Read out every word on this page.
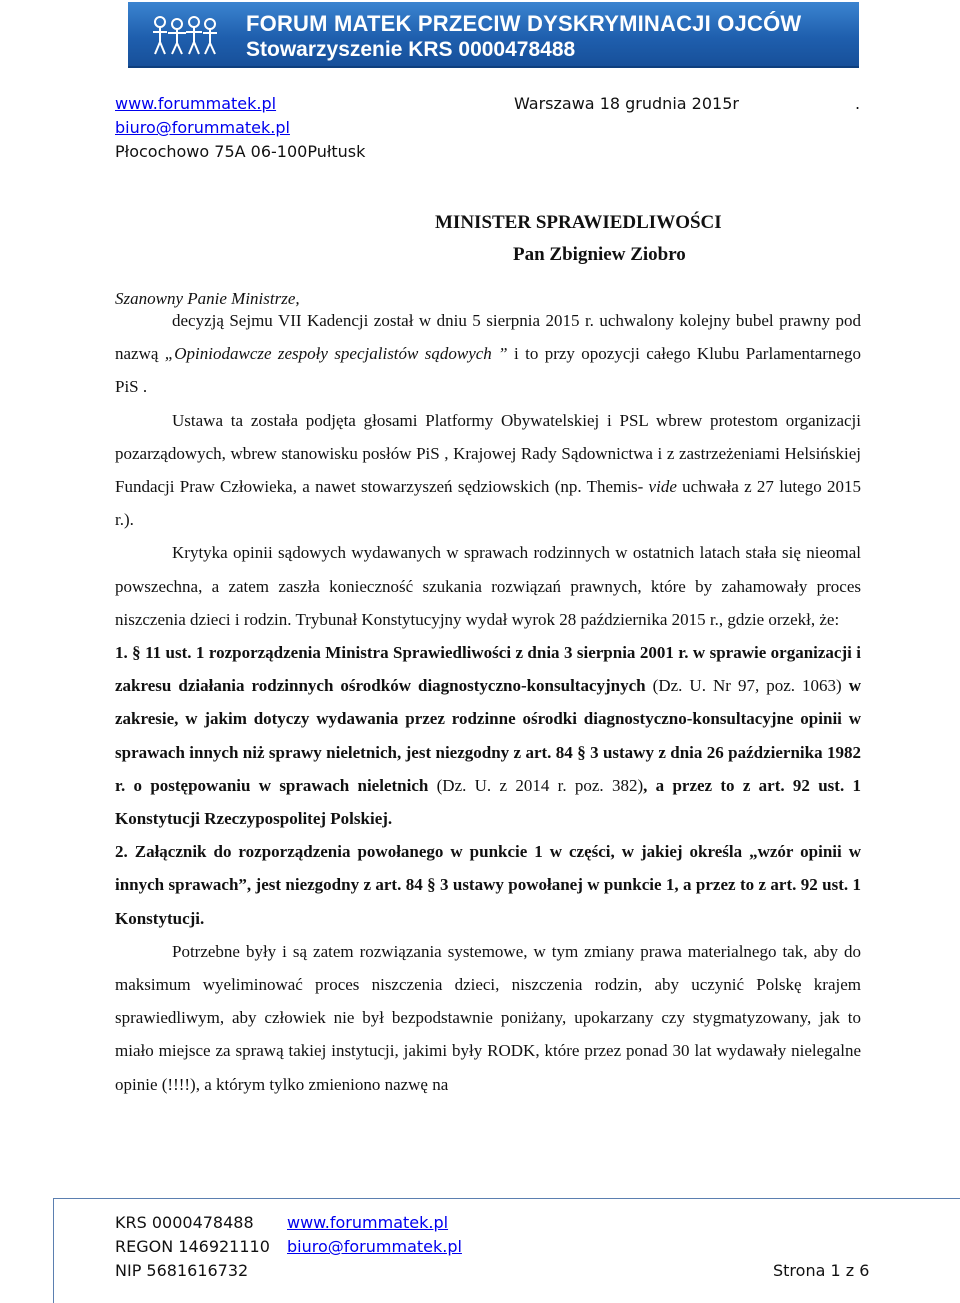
FORUM MATEK PRZECIW DYSKRYMINACJI OJCÓW
Stowarzyszenie KRS 0000478488
www.forummatek.pl	Warszawa 18 grudnia 2015r	.
biuro@forummatek.pl
Płocochowo 75A 06-100Pułtusk
MINISTER SPRAWIEDLIWOŚCI
Pan Zbigniew Ziobro
Szanowny Panie Ministrze,

decyzją Sejmu VII Kadencji został w dniu 5 sierpnia 2015 r. uchwalony kolejny bubel prawny pod nazwą „Opiniodawcze zespoły specjalistów sądowych ” i to przy opozycji całego Klubu Parlamentarnego PiS .

Ustawa ta została podjęta głosami Platformy Obywatelskiej i PSL wbrew protestom organizacji pozarządowych, wbrew stanowisku posłów PiS , Krajowej Rady Sądownictwa i z zastrzeżeniami Helsińskiej Fundacji Praw Człowieka, a nawet stowarzyszeń sędziowskich (np. Themis- vide uchwała z 27 lutego 2015 r.).

Krytyka opinii sądowych wydawanych w sprawach rodzinnych w ostatnich latach stała się nieomal powszechna, a zatem zaszła konieczność szukania rozwiązań prawnych, które by zahamowały proces niszczenia dzieci i rodzin. Trybunał Konstytucyjny wydał wyrok 28 października 2015 r., gdzie orzekł, że:

1. § 11 ust. 1 rozporządzenia Ministra Sprawiedliwości z dnia 3 sierpnia 2001 r. w sprawie organizacji i zakresu działania rodzinnych ośrodków diagnostyczno-konsultacyjnych (Dz. U. Nr 97, poz. 1063) w zakresie, w jakim dotyczy wydawania przez rodzinne ośrodki diagnostyczno-konsultacyjne opinii w sprawach innych niż sprawy nieletnich, jest niezgodny z art. 84 § 3 ustawy z dnia 26 października 1982 r. o postępowaniu w sprawach nieletnich (Dz. U. z 2014 r. poz. 382), a przez to z art. 92 ust. 1 Konstytucji Rzeczypospolitej Polskiej.

2. Załącznik do rozporządzenia powołanego w punkcie 1 w części, w jakiej określa „wzór opinii w innych sprawach”, jest niezgodny z art. 84 § 3 ustawy powołanej w punkcie 1, a przez to z art. 92 ust. 1 Konstytucji.

Potrzebne były i są zatem rozwiązania systemowe, w tym zmiany prawa materialnego tak, aby do maksimum wyeliminować proces niszczenia dzieci, niszczenia rodzin, aby uczynić Polskę krajem sprawiedliwym, aby człowiek nie był bezpodstawnie poniżany, upokarzany czy stygmatyzowany, jak to miało miejsce za sprawą takiej instytucji, jakimi były RODK, które przez ponad 30 lat wydawały nielegalne opinie (!!!!), a którym tylko zmieniono nazwę na

KRS 0000478488 www.forummatek.pl
REGON 146921110 biuro@forummatek.pl
NIP 5681616732	Strona 1 z 6
